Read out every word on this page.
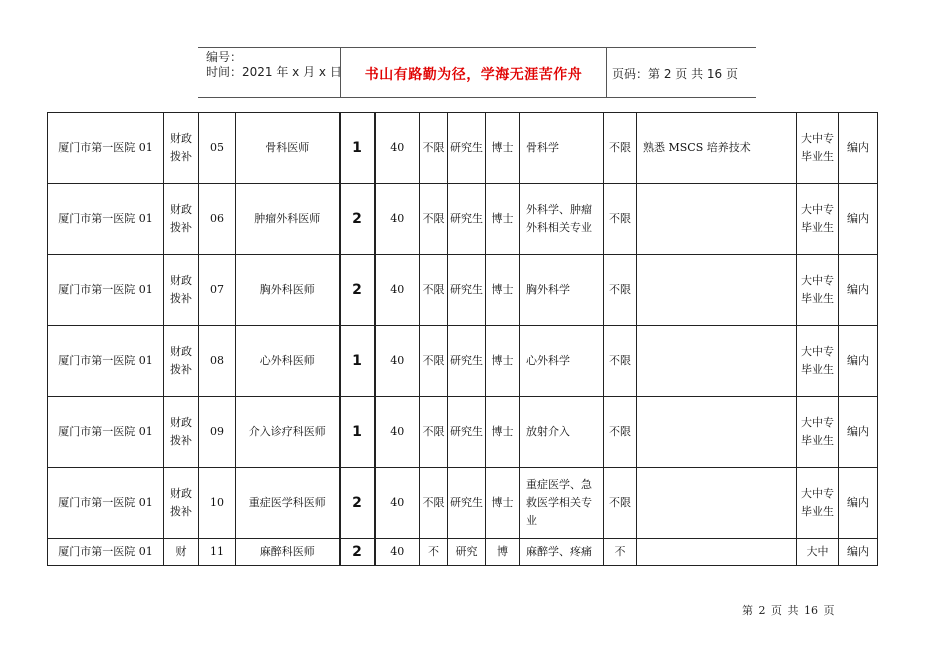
编号：
时间：2021 年 x 月 x 日	书山有路勤为径，学海无涯苦作舟	页码：第 2 页 共 16 页
厦门市第一医院 01	财政拨补	05	骨科医师	1	40	不限	研究生	博士	骨科学	不限	熟悉 MSCS 培养技术	大中专毕业生	编内
厦门市第一医院 01	财政拨补	06	肿瘤外科医师	2	40	不限	研究生	博士	外科学、肿瘤外科相关专业	不限		大中专毕业生	编内
厦门市第一医院 01	财政拨补	07	胸外科医师	2	40	不限	研究生	博士	胸外科学	不限		大中专毕业生	编内
厦门市第一医院 01	财政拨补	08	心外科医师	1	40	不限	研究生	博士	心外科学	不限		大中专毕业生	编内
厦门市第一医院 01	财政拨补	09	介入诊疗科医师	1	40	不限	研究生	博士	放射介入	不限		大中专毕业生	编内
厦门市第一医院 01	财政拨补	10	重症医学科医师	2	40	不限	研究生	博士	重症医学、急救医学相关专业	不限		大中专毕业生	编内
厦门市第一医院 01	财	11	麻醉科医师	2	40	不	研究	博	麻醉学、疼痛	不		大中	编内
第 2 页 共 16 页
